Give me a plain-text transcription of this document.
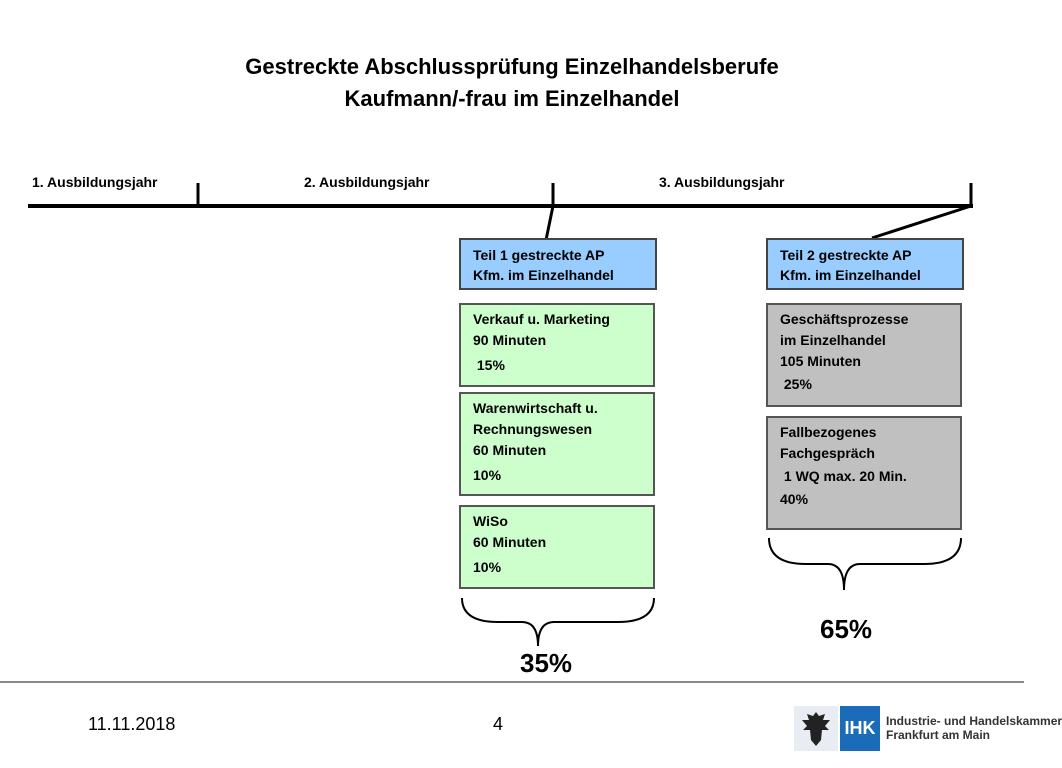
Gestreckte Abschlussprüfung Einzelhandelsberufe
Kaufmann/-frau im Einzelhandel
1. Ausbildungsjahr	2. Ausbildungsjahr	3. Ausbildungsjahr
Teil 1 gestreckte AP
Kfm. im Einzelhandel
Verkauf u. Marketing
90 Minuten
15%
Warenwirtschaft u.
Rechnungswesen
60 Minuten
10%
WiSo
60 Minuten
10%
35%
Teil 2 gestreckte AP
Kfm. im Einzelhandel
Geschäftsprozesse
im Einzelhandel
105 Minuten
25%
Fallbezogenes
Fachgespräch
1 WQ max. 20 Min.
40%
65%
11.11.2018	4	IHK Industrie- und Handelskammer
Frankfurt am Main
